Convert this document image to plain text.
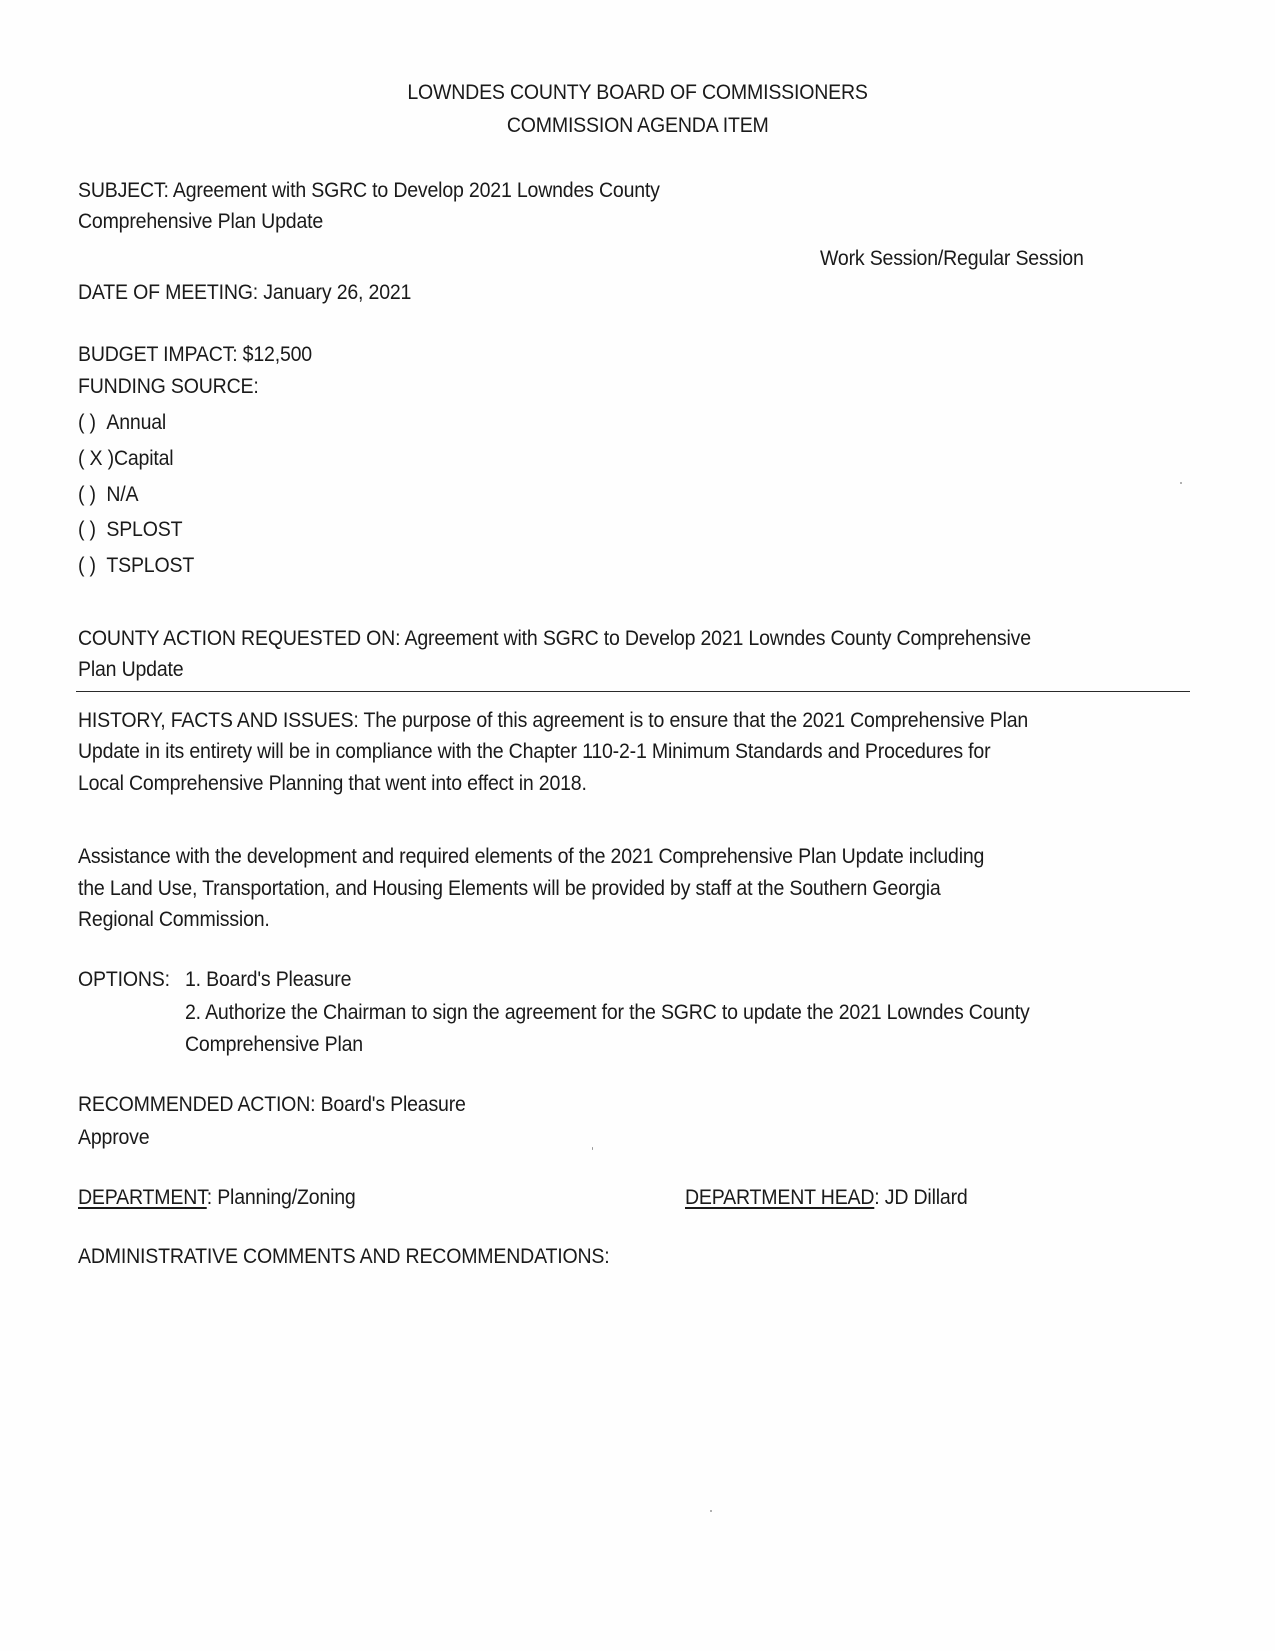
LOWNDES COUNTY BOARD OF COMMISSIONERS
COMMISSION AGENDA ITEM
SUBJECT: Agreement with SGRC to Develop 2021 Lowndes County
Comprehensive Plan Update
Work Session/Regular Session
DATE OF MEETING: January 26, 2021
BUDGET IMPACT: $12,500
FUNDING SOURCE:
( ) Annual
( X )Capital
( ) N/A
( ) SPLOST
( ) TSPLOST
COUNTY ACTION REQUESTED ON: Agreement with SGRC to Develop 2021 Lowndes County Comprehensive
Plan Update
HISTORY, FACTS AND ISSUES: The purpose of this agreement is to ensure that the 2021 Comprehensive Plan
Update in its entirety will be in compliance with the Chapter 110-2-1 Minimum Standards and Procedures for
Local Comprehensive Planning that went into effect in 2018.
Assistance with the development and required elements of the 2021 Comprehensive Plan Update including
the Land Use, Transportation, and Housing Elements will be provided by staff at the Southern Georgia
Regional Commission.
OPTIONS: 1. Board's Pleasure
2. Authorize the Chairman to sign the agreement for the SGRC to update the 2021 Lowndes County
Comprehensive Plan
RECOMMENDED ACTION: Board's Pleasure
Approve
DEPARTMENT: Planning/Zoning	DEPARTMENT HEAD: JD Dillard
ADMINISTRATIVE COMMENTS AND RECOMMENDATIONS:
